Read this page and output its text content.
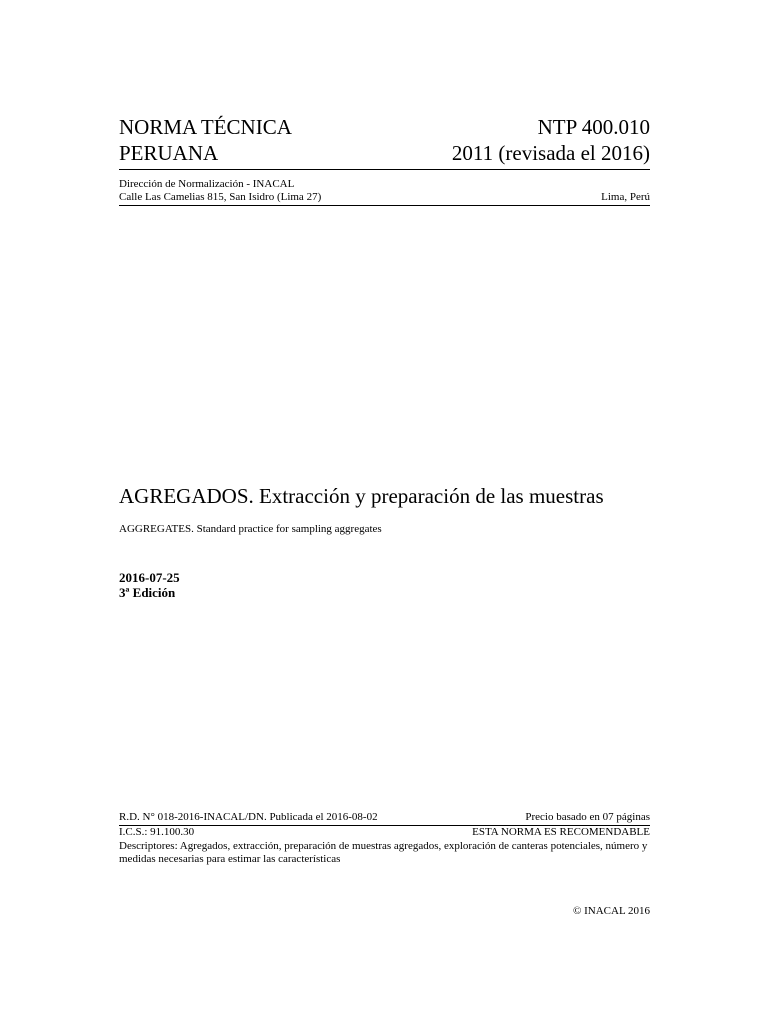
NORMA TÉCNICA	NTP 400.010
PERUANA	2011 (revisada el 2016)
Dirección de Normalización - INACAL
Calle Las Camelias 815, San Isidro (Lima 27)	Lima, Perú
AGREGADOS. Extracción y preparación de las muestras
AGGREGATES. Standard practice for sampling aggregates
2016-07-25
3ª Edición
R.D. N° 018-2016-INACAL/DN. Publicada el 2016-08-02	Precio basado en 07 páginas
I.C.S.: 91.100.30	ESTA NORMA ES RECOMENDABLE
Descriptores: Agregados, extracción, preparación de muestras agregados, exploración de canteras potenciales, número y medidas necesarias para estimar las características
© INACAL 2016
